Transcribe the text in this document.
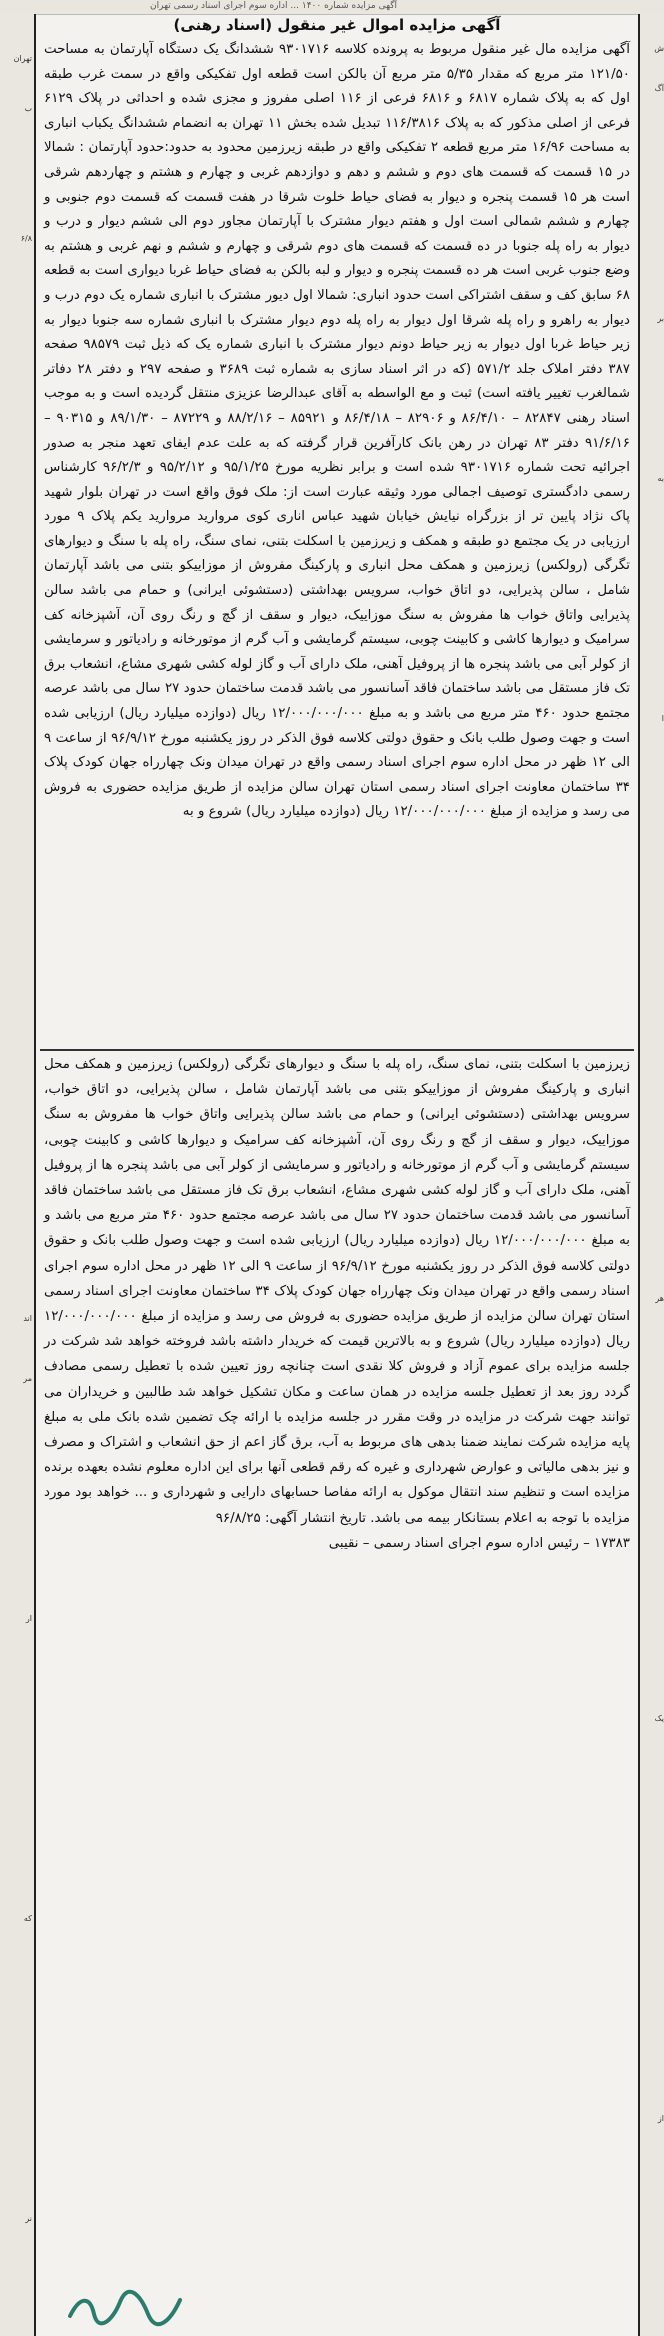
آگهی مزایده شماره ۱۴۰۰ ... اداره سوم اجرای اسناد رسمی تهران
تهران
ب
۶/۸
اند
مر
ار
که
نر
ش
آگ
بر
به
ا
هر
یک
از
آگهی مزایده اموال غیر منقول (اسناد رهنی)

آگهی مزایده مال غیر منقول مربوط به پرونده کلاسه ۹۳۰۱۷۱۶ ششدانگ یک دستگاه آپارتمان به مساحت ۱۲۱/۵۰ متر مربع که مقدار ۵/۳۵ متر مربع آن بالکن است قطعه اول تفکیکی واقع در سمت غرب طبقه اول که به پلاک شماره ۶۸۱۷ و ۶۸۱۶ فرعی از ۱۱۶ اصلی مفروز و مجزی شده و احداثی در پلاک ۶۱۲۹ فرعی از اصلی مذکور که به پلاک ۱۱۶/۳۸۱۶ تبدیل شده بخش ۱۱ تهران به انضمام ششدانگ یکباب انباری به مساحت ۱۶/۹۶ متر مربع قطعه ۲ تفکیکی واقع در طبقه زیرزمین محدود به حدود:حدود آپارتمان : شمالا در ۱۵ قسمت که قسمت های دوم و ششم و دهم و دوازدهم غربی و چهارم و هشتم و چهاردهم شرقی است هر ۱۵ قسمت پنجره و دیوار به فضای حیاط خلوت شرقا در هفت قسمت که قسمت دوم جنوبی و چهارم و ششم شمالی است اول و هفتم دیوار مشترک با آپارتمان مجاور دوم الی ششم دیوار و درب و دیوار به راه پله جنوبا در ده قسمت که قسمت های دوم شرقی و چهارم و ششم و نهم غربی و هشتم به وضع جنوب غربی است هر ده قسمت پنجره و دیوار و لبه بالکن به فضای حیاط غربا دیواری است به قطعه ۶۸ سابق کف و سقف اشتراکی است حدود انباری: شمالا اول دیور مشترک با انباری شماره یک دوم درب و دیوار به راهرو و راه پله شرقا اول دیوار به راه پله دوم دیوار مشترک با انباری شماره سه جنوبا دیوار به زیر حیاط غربا اول دیوار به زیر حیاط دونم دیوار مشترک با انباری شماره یک که ذیل ثبت ۹۸۵۷۹ صفحه ۳۸۷ دفتر املاک جلد ۵۷۱/۲ (که در اثر اسناد سازی به شماره ثبت ۳۶۸۹ و صفحه ۲۹۷ و دفتر ۲۸ دفاتر شمالغرب تغییر یافته است) ثبت و مع الواسطه به آقای عبدالرضا عزیزی منتقل گردیده است و به موجب اسناد رهنی ۸۲۸۴۷ – ۸۶/۴/۱۰ و ۸۲۹۰۶ – ۸۶/۴/۱۸ و ۸۵۹۲۱ – ۸۸/۲/۱۶ و ۸۷۲۲۹ – ۸۹/۱/۳۰ و ۹۰۳۱۵ – ۹۱/۶/۱۶ دفتر ۸۳ تهران در رهن بانک کارآفرین قرار گرفته که به علت عدم ایفای تعهد منجر به صدور اجرائیه تحت شماره ۹۳۰۱۷۱۶ شده است و برابر نظریه مورخ ۹۵/۱/۲۵ و ۹۵/۲/۱۲ و ۹۶/۲/۳ کارشناس رسمی دادگستری توصیف اجمالی مورد وثیقه عبارت است از: ملک فوق واقع است در تهران بلوار شهید پاک نژاد پایین تر از بزرگراه نیایش خیابان شهید عباس اناری کوی مروارید مروارید یکم پلاک ۹ مورد ارزیابی در یک مجتمع دو طبقه و همکف و زیرزمین با اسکلت بتنی، نمای سنگ، راه پله با سنگ و دیوارهای تگرگی (رولکس) زیرزمین و همکف محل انباری و پارکینگ مفروش از موزاییکو بتنی می باشد آپارتمان شامل ، سالن پذیرایی، دو اتاق خواب، سرویس بهداشتی (دستشوئی ایرانی) و حمام می باشد سالن پذیرایی واتاق خواب ها مفروش به سنگ موزاییک، دیوار و سقف از گچ و رنگ روی آن، آشپزخانه کف سرامیک و دیوارها کاشی و کابینت چوبی، سیستم گرمایشی و آب گرم از موتورخانه و رادیاتور و سرمایشی از کولر آبی می باشد پنجره ها از پروفیل آهنی، ملک دارای آب و گاز لوله کشی شهری مشاع، انشعاب برق تک فاز مستقل می باشد ساختمان فاقد آسانسور می باشد قدمت ساختمان حدود ۲۷ سال می باشد عرصه مجتمع حدود ۴۶۰ متر مربع می باشد و به مبلغ ۱۲/۰۰۰/۰۰۰/۰۰۰ ریال (دوازده میلیارد ریال) ارزیابی شده است و جهت وصول طلب بانک و حقوق دولتی کلاسه فوق الذکر در روز یکشنبه مورخ ۹۶/۹/۱۲ از ساعت ۹ الی ۱۲ ظهر در محل اداره سوم اجرای اسناد رسمی واقع در تهران میدان ونک چهارراه جهان کودک پلاک ۳۴ ساختمان معاونت اجرای اسناد رسمی استان تهران سالن مزایده از طریق مزایده حضوری به فروش می رسد و مزایده از مبلغ ۱۲/۰۰۰/۰۰۰/۰۰۰ ریال (دوازده میلیارد ریال) شروع و به

زیرزمین با اسکلت بتنی، نمای سنگ، راه پله با سنگ و دیوارهای تگرگی (رولکس) زیرزمین و همکف محل انباری و پارکینگ مفروش از موزاییکو بتنی می باشد آپارتمان شامل ، سالن پذیرایی، دو اتاق خواب، سرویس بهداشتی (دستشوئی ایرانی) و حمام می باشد سالن پذیرایی واتاق خواب ها مفروش به سنگ موزاییک، دیوار و سقف از گچ و رنگ روی آن، آشپزخانه کف سرامیک و دیوارها کاشی و کابینت چوبی، سیستم گرمایشی و آب گرم از موتورخانه و رادیاتور و سرمایشی از کولر آبی می باشد پنجره ها از پروفیل آهنی، ملک دارای آب و گاز لوله کشی شهری مشاع، انشعاب برق تک فاز مستقل می باشد ساختمان فاقد آسانسور می باشد قدمت ساختمان حدود ۲۷ سال می باشد عرصه مجتمع حدود ۴۶۰ متر مربع می باشد و به مبلغ ۱۲/۰۰۰/۰۰۰/۰۰۰ ریال (دوازده میلیارد ریال) ارزیابی شده است و جهت وصول طلب بانک و حقوق دولتی کلاسه فوق الذکر در روز یکشنبه مورخ ۹۶/۹/۱۲ از ساعت ۹ الی ۱۲ ظهر در محل اداره سوم اجرای اسناد رسمی واقع در تهران میدان ونک چهارراه جهان کودک پلاک ۳۴ ساختمان معاونت اجرای اسناد رسمی استان تهران سالن مزایده از طریق مزایده حضوری به فروش می رسد و مزایده از مبلغ ۱۲/۰۰۰/۰۰۰/۰۰۰ ریال (دوازده میلیارد ریال) شروع و به بالاترین قیمت که خریدار داشته باشد فروخته خواهد شد شرکت در جلسه مزایده برای عموم آزاد و فروش کلا نقدی است چنانچه روز تعیین شده با تعطیل رسمی مصادف گردد روز بعد از تعطیل جلسه مزایده در همان ساعت و مکان تشکیل خواهد شد طالبین و خریداران می توانند جهت شرکت در مزایده در وقت مقرر در جلسه مزایده با ارائه چک تضمین شده بانک ملی به مبلغ پایه مزایده شرکت نمایند ضمنا بدهی های مربوط به آب، برق گاز اعم از حق انشعاب و اشتراک و مصرف و نیز بدهی مالیاتی و عوارض شهرداری و غیره که رقم قطعی آنها برای این اداره معلوم نشده بعهده برنده مزایده است و تنظیم سند انتقال موکول به ارائه مفاصا حسابهای دارایی و شهرداری و ... خواهد بود مورد مزایده با توجه به اعلام بستانکار بیمه می باشد. تاریخ انتشار آگهی: ۹۶/۸/۲۵

۱۷۳۸۳ – رئیس اداره سوم اجرای اسناد رسمی – نقیبی
